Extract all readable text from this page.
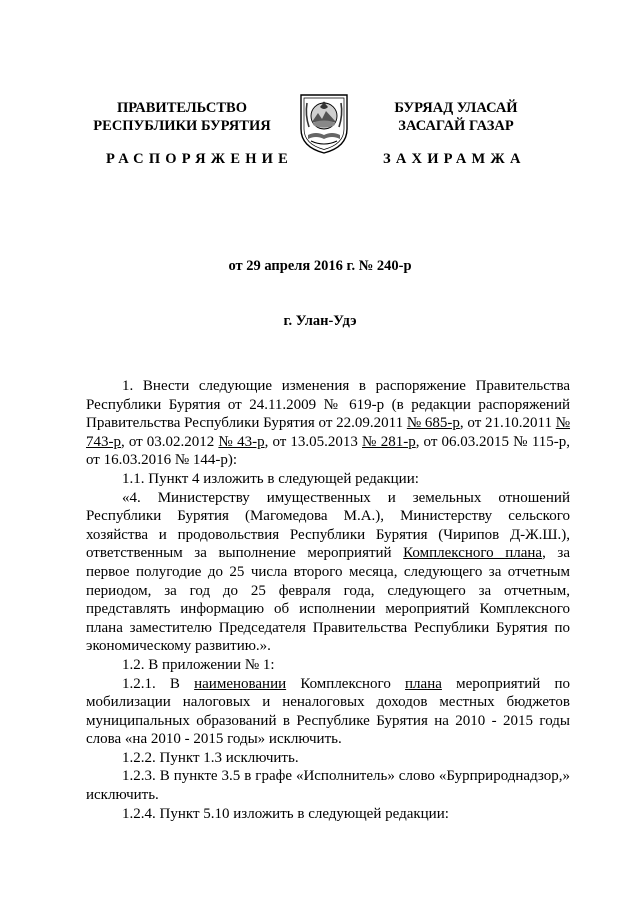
ПРАВИТЕЛЬСТВО
РЕСПУБЛИКИ БУРЯТИЯ
БУРЯАД УЛАСАЙ
ЗАСАГАЙ ГАЗАР
РАСПОРЯЖЕНИЕ	ЗАХИРАМЖА
от 29 апреля 2016 г. № 240-р
г. Улан-Удэ

1. Внести следующие изменения в распоряжение Правительства Республики Бурятия от 24.11.2009 № 619-р (в редакции распоряжений Правительства Республики Бурятия от 22.09.2011 № 685-р, от 21.10.2011 № 743-р, от 03.02.2012 № 43-р, от 13.05.2013 № 281-р, от 06.03.2015 № 115-р, от 16.03.2016 № 144-р):

1.1. Пункт 4 изложить в следующей редакции:

«4. Министерству имущественных и земельных отношений Республики Бурятия (Магомедова М.А.), Министерству сельского хозяйства и продовольствия Республики Бурятия (Чирипов Д-Ж.Ш.), ответственным за выполнение мероприятий Комплексного плана, за первое полугодие до 25 числа второго месяца, следующего за отчетным периодом, за год до 25 февраля года, следующего за отчетным, представлять информацию об исполнении мероприятий Комплексного плана заместителю Председателя Правительства Республики Бурятия по экономическому развитию.».

1.2. В приложении № 1:

1.2.1. В наименовании Комплексного плана мероприятий по мобилизации налоговых и неналоговых доходов местных бюджетов муниципальных образований в Республике Бурятия на 2010 - 2015 годы слова «на 2010 - 2015 годы» исключить.

1.2.2. Пункт 1.3 исключить.

1.2.3. В пункте 3.5 в графе «Исполнитель» слово «Бурприроднадзор,» исключить.

1.2.4. Пункт 5.10 изложить в следующей редакции:
